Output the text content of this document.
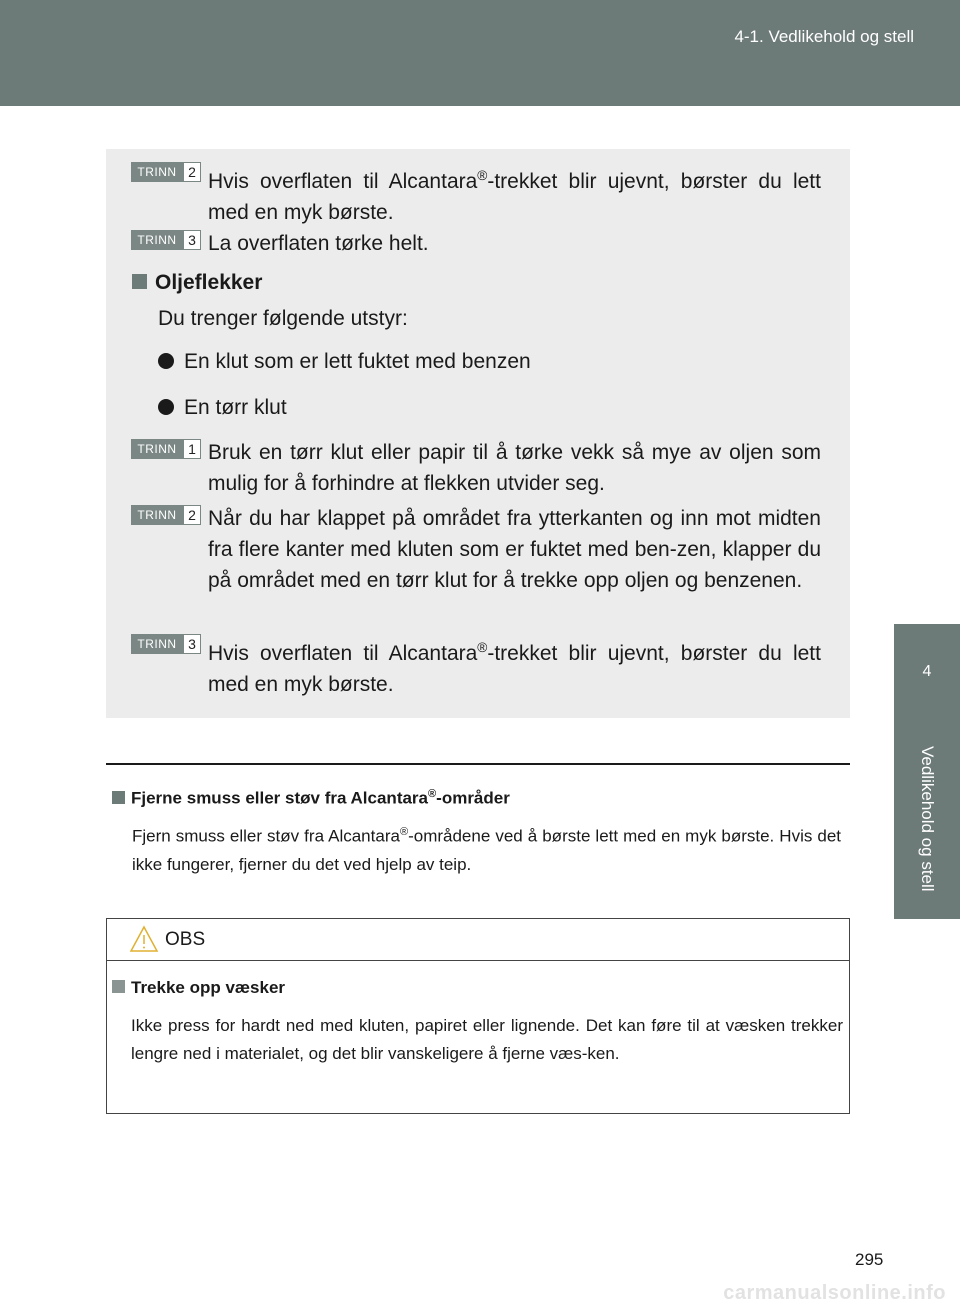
4-1. Vedlikehold og stell
4
Vedlikehold og stell
TRINN 2 Hvis overflaten til Alcantara®-trekket blir ujevnt, børster du lett med en myk børste.
TRINN 3 La overflaten tørke helt.
Oljeflekker
Du trenger følgende utstyr:
En klut som er lett fuktet med benzen
En tørr klut
TRINN 1 Bruk en tørr klut eller papir til å tørke vekk så mye av oljen som mulig for å forhindre at flekken utvider seg.
TRINN 2 Når du har klappet på området fra ytterkanten og inn mot midten fra flere kanter med kluten som er fuktet med ben-zen, klapper du på området med en tørr klut for å trekke opp oljen og benzenen.
TRINN 3 Hvis overflaten til Alcantara®-trekket blir ujevnt, børster du lett med en myk børste.
Fjerne smuss eller støv fra Alcantara®-områder
Fjern smuss eller støv fra Alcantara®-områdene ved å børste lett med en myk børste. Hvis det ikke fungerer, fjerner du det ved hjelp av teip.
OBS
Trekke opp væsker
Ikke press for hardt ned med kluten, papiret eller lignende. Det kan føre til at væsken trekker lengre ned i materialet, og det blir vanskeligere å fjerne væs-ken.
295
carmanualsonline.info
